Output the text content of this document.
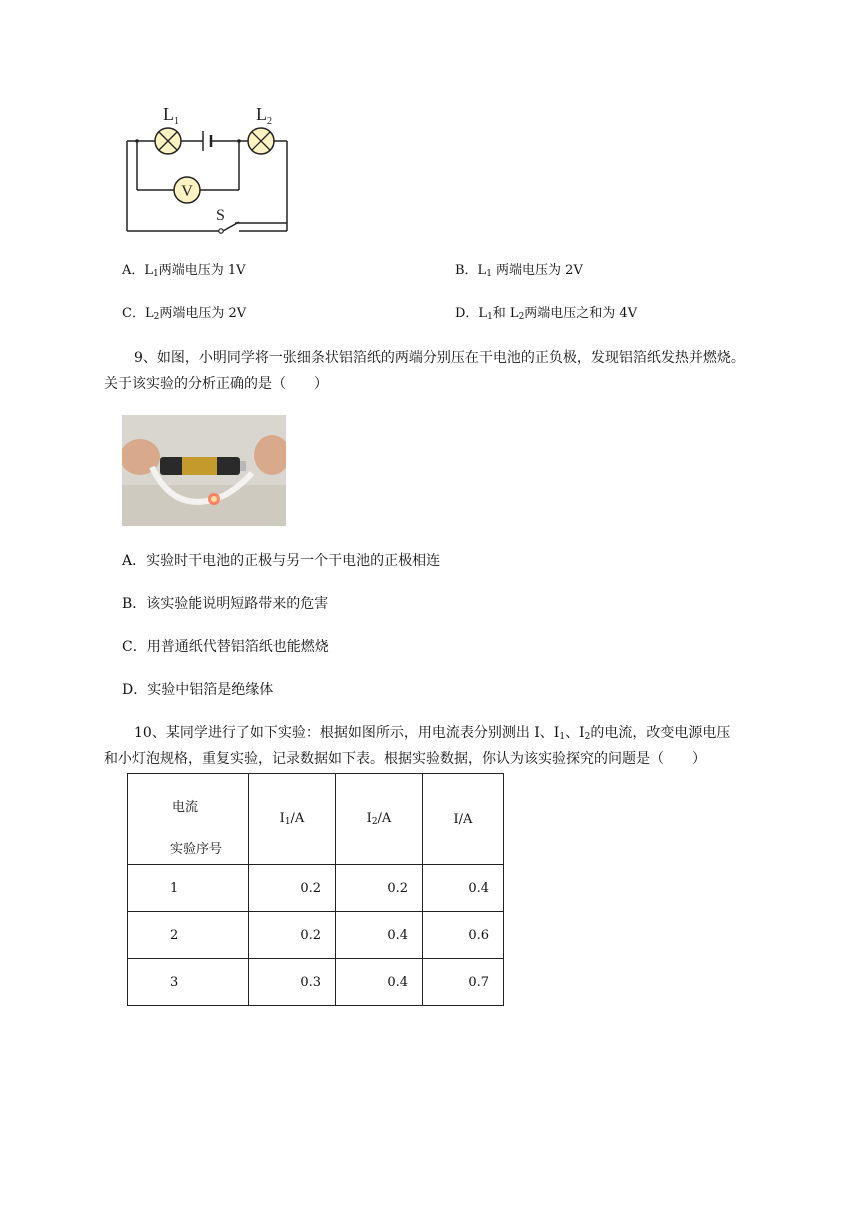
V
$L_1$	$L_2$
S
A．$L_1$两端电压为 1V	B．$L_1$ 两端电压为 2V
C．$L_2$两端电压为 2V	D．$L_1$和 $L_2$两端电压之和为 4V
9、如图，小明同学将一张细条状铝箔纸的两端分别压在干电池的正负极，发现铝箔纸发热并燃烧。
关于该实验的分析正确的是（　　）
A．实验时干电池的正极与另一个干电池的正极相连
B．该实验能说明短路带来的危害
C．用普通纸代替铝箔纸也能燃烧
D．实验中铝箔是绝缘体
10、某同学进行了如下实验：根据如图所示，用电流表分别测出 I、$I_1$、$I_2$的电流，改变电源电压
和小灯泡规格，重复实验，记录数据如下表。根据实验数据，你认为该实验探究的问题是（　　）
电流
实验序号	$I_1/A$	$I_2/A$	I/A
1	0.2	0.2	0.4
2	0.2	0.4	0.6
3	0.3	0.4	0.7
